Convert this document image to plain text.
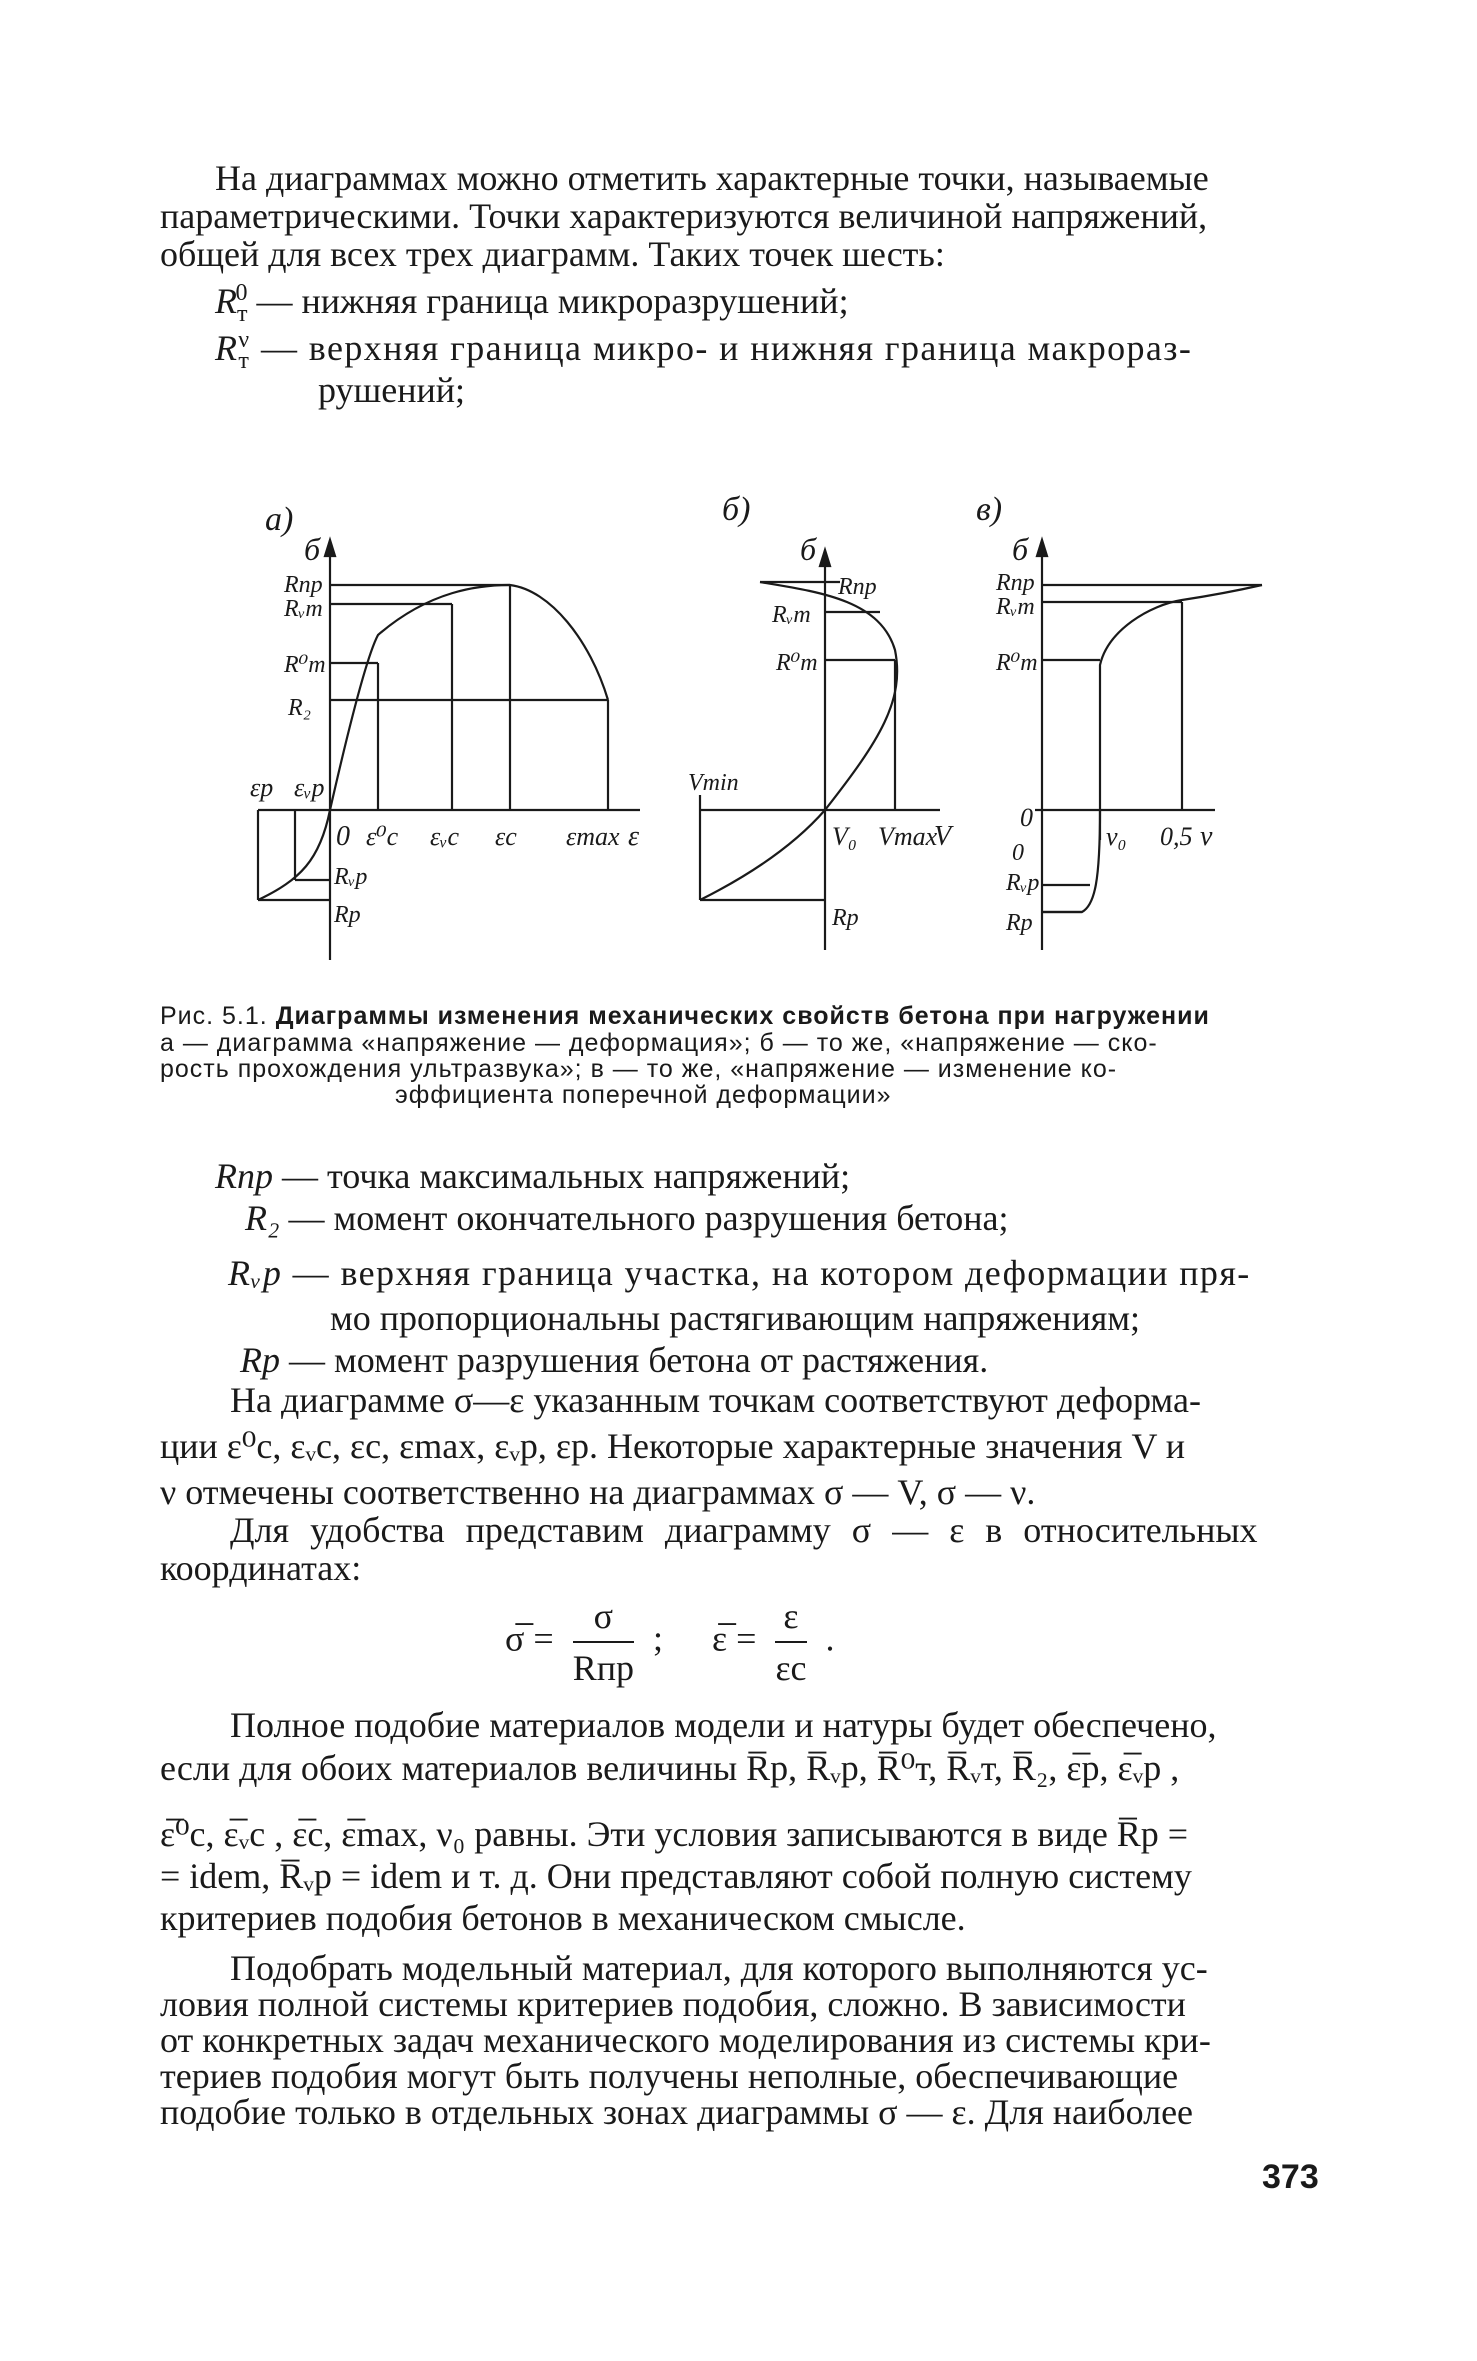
На диаграммах можно отметить характерные точки, называемые

параметрическими. Точки характеризуются величиной напряжений,

общей для всех трех диаграмм. Таких точек шесть:

$R_т^0$ — нижняя граница микроразрушений;
$R_т^\nu$ — верхняя граница микро- и нижняя граница макрораз-

рушений;

а)
б
Rпр
Rᵥт
R⁰т
R₂
εр εᵥр
0 ε⁰c εᵥc εc εmax ε
Rᵥр
Rр
б)
б
Rпр
Rᵥт
R⁰т
Vmin
V₀ Vmax
V
Rр
в)
б
Rпр
Rᵥт
R⁰т
0
ν₀ 0,5 ν
0
Rᵥр
Rр
Рис. 5.1. Диаграммы изменения механических свойств бетона при нагружении
а — диаграмма «напряжение — деформация»; б — то же, «напряжение — ско-
рость прохождения ультразвука»; в — то же, «напряжение — изменение ко-
эффициента поперечной деформации»
Rпр — точка максимальных напряжений;
R₂ — момент окончательного разрушения бетона;
Rᵥр — верхняя граница участка, на котором деформации пря-

мо пропорциональны растягивающим напряжениям;

Rр — момент разрушения бетона от растяжения.

На диаграмме σ—ε указанным точкам соответствуют деформа-

ции ε⁰c, εᵥc, εc, εmax, εᵥр, εр. Некоторые характерные значения V и

ν отмечены соответственно на диаграммах σ — V, σ — ν.

Для удобства представим диаграмму σ — ε в относительных

координатах:

σ̅ = $\frac{\sigma}{\text{Rпр}}$ ; ε̅ = $\frac{\varepsilon}{\varepsilon c}$ .

Полное подобие материалов модели и натуры будет обеспечено,

если для обоих материалов величины R̅р, R̅ᵥр, R̅⁰т, R̅ᵥт, R̅₂, ε̅р, ε̅ᵥр ,

ε̅⁰c, ε̅ᵥc , ε̅c, ε̅max, ν₀ равны. Эти условия записываются в виде R̅р =

= idem, R̅ᵥр = idem и т. д. Они представляют собой полную систему

критериев подобия бетонов в механическом смысле.

Подобрать модельный материал, для которого выполняются ус-

ловия полной системы критериев подобия, сложно. В зависимости

от конкретных задач механического моделирования из системы кри-

териев подобия могут быть получены неполные, обеспечивающие

подобие только в отдельных зонах диаграммы σ — ε. Для наиболее

373
